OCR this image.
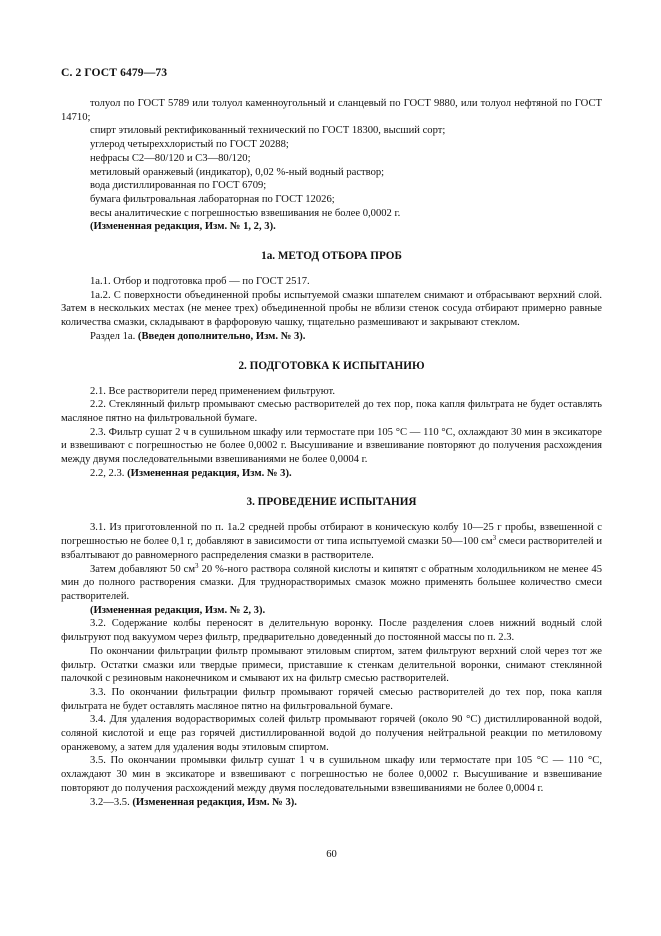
С. 2 ГОСТ 6479—73

толуол по ГОСТ 5789 или толуол каменноугольный и сланцевый по ГОСТ 9880, или толуол нефтяной по ГОСТ 14710;

спирт этиловый ректификованный технический по ГОСТ 18300, высший сорт;

углерод четыреххлористый по ГОСТ 20288;

нефрасы С2—80/120 и С3—80/120;

метиловый оранжевый (индикатор), 0,02 %-ный водный раствор;

вода дистиллированная по ГОСТ 6709;

бумага фильтровальная лабораторная по ГОСТ 12026;

весы аналитические с погрешностью взвешивания не более 0,0002 г.

(Измененная редакция, Изм. № 1, 2, 3).

1а. МЕТОД ОТБОРА ПРОБ

1а.1. Отбор и подготовка проб — по ГОСТ 2517.

1а.2. С поверхности объединенной пробы испытуемой смазки шпателем снимают и отбрасывают верхний слой. Затем в нескольких местах (не менее трех) объединенной пробы не вблизи стенок сосуда отбирают примерно равные количества смазки, складывают в фарфоровую чашку, тщательно размешивают и закрывают стеклом.

Раздел 1а. (Введен дополнительно, Изм. № 3).

2. ПОДГОТОВКА К ИСПЫТАНИЮ

2.1. Все растворители перед применением фильтруют.

2.2. Стеклянный фильтр промывают смесью растворителей до тех пор, пока капля фильтрата не будет оставлять масляное пятно на фильтровальной бумаге.

2.3. Фильтр сушат 2 ч в сушильном шкафу или термостате при 105 °С — 110 °С, охлаждают 30 мин в эксикаторе и взвешивают с погрешностью не более 0,0002 г. Высушивание и взвешивание повторяют до получения расхождения между двумя последовательными взвешиваниями не более 0,0004 г.

2.2, 2.3. (Измененная редакция, Изм. № 3).

3. ПРОВЕДЕНИЕ ИСПЫТАНИЯ

3.1. Из приготовленной по п. 1а.2 средней пробы отбирают в коническую колбу 10—25 г пробы, взвешенной с погрешностью не более 0,1 г, добавляют в зависимости от типа испытуемой смазки 50—100 $см^3$ смеси растворителей и взбалтывают до равномерного распределения смазки в растворителе.

Затем добавляют 50 $см^3$ 20 %-ного раствора соляной кислоты и кипятят с обратным холодильником не менее 45 мин до полного растворения смазки. Для труднорастворимых смазок можно применять большее количество смеси растворителей.

(Измененная редакция, Изм. № 2, 3).

3.2. Содержание колбы переносят в делительную воронку. После разделения слоев нижний водный слой фильтруют под вакуумом через фильтр, предварительно доведенный до постоянной массы по п. 2.3.

По окончании фильтрации фильтр промывают этиловым спиртом, затем фильтруют верхний слой через тот же фильтр. Остатки смазки или твердые примеси, приставшие к стенкам делительной воронки, снимают стеклянной палочкой с резиновым наконечником и смывают их на фильтр смесью растворителей.

3.3. По окончании фильтрации фильтр промывают горячей смесью растворителей до тех пор, пока капля фильтрата не будет оставлять масляное пятно на фильтровальной бумаге.

3.4. Для удаления водорастворимых солей фильтр промывают горячей (около 90 °С) дистиллированной водой, соляной кислотой и еще раз горячей дистиллированной водой до получения нейтральной реакции по метиловому оранжевому, а затем для удаления воды этиловым спиртом.

3.5. По окончании промывки фильтр сушат 1 ч в сушильном шкафу или термостате при 105 °С — 110 °С, охлаждают 30 мин в эксикаторе и взвешивают с погрешностью не более 0,0002 г. Высушивание и взвешивание повторяют до получения расхождений между двумя последовательными взвешиваниями не более 0,0004 г.

3.2—3.5. (Измененная редакция, Изм. № 3).

60
